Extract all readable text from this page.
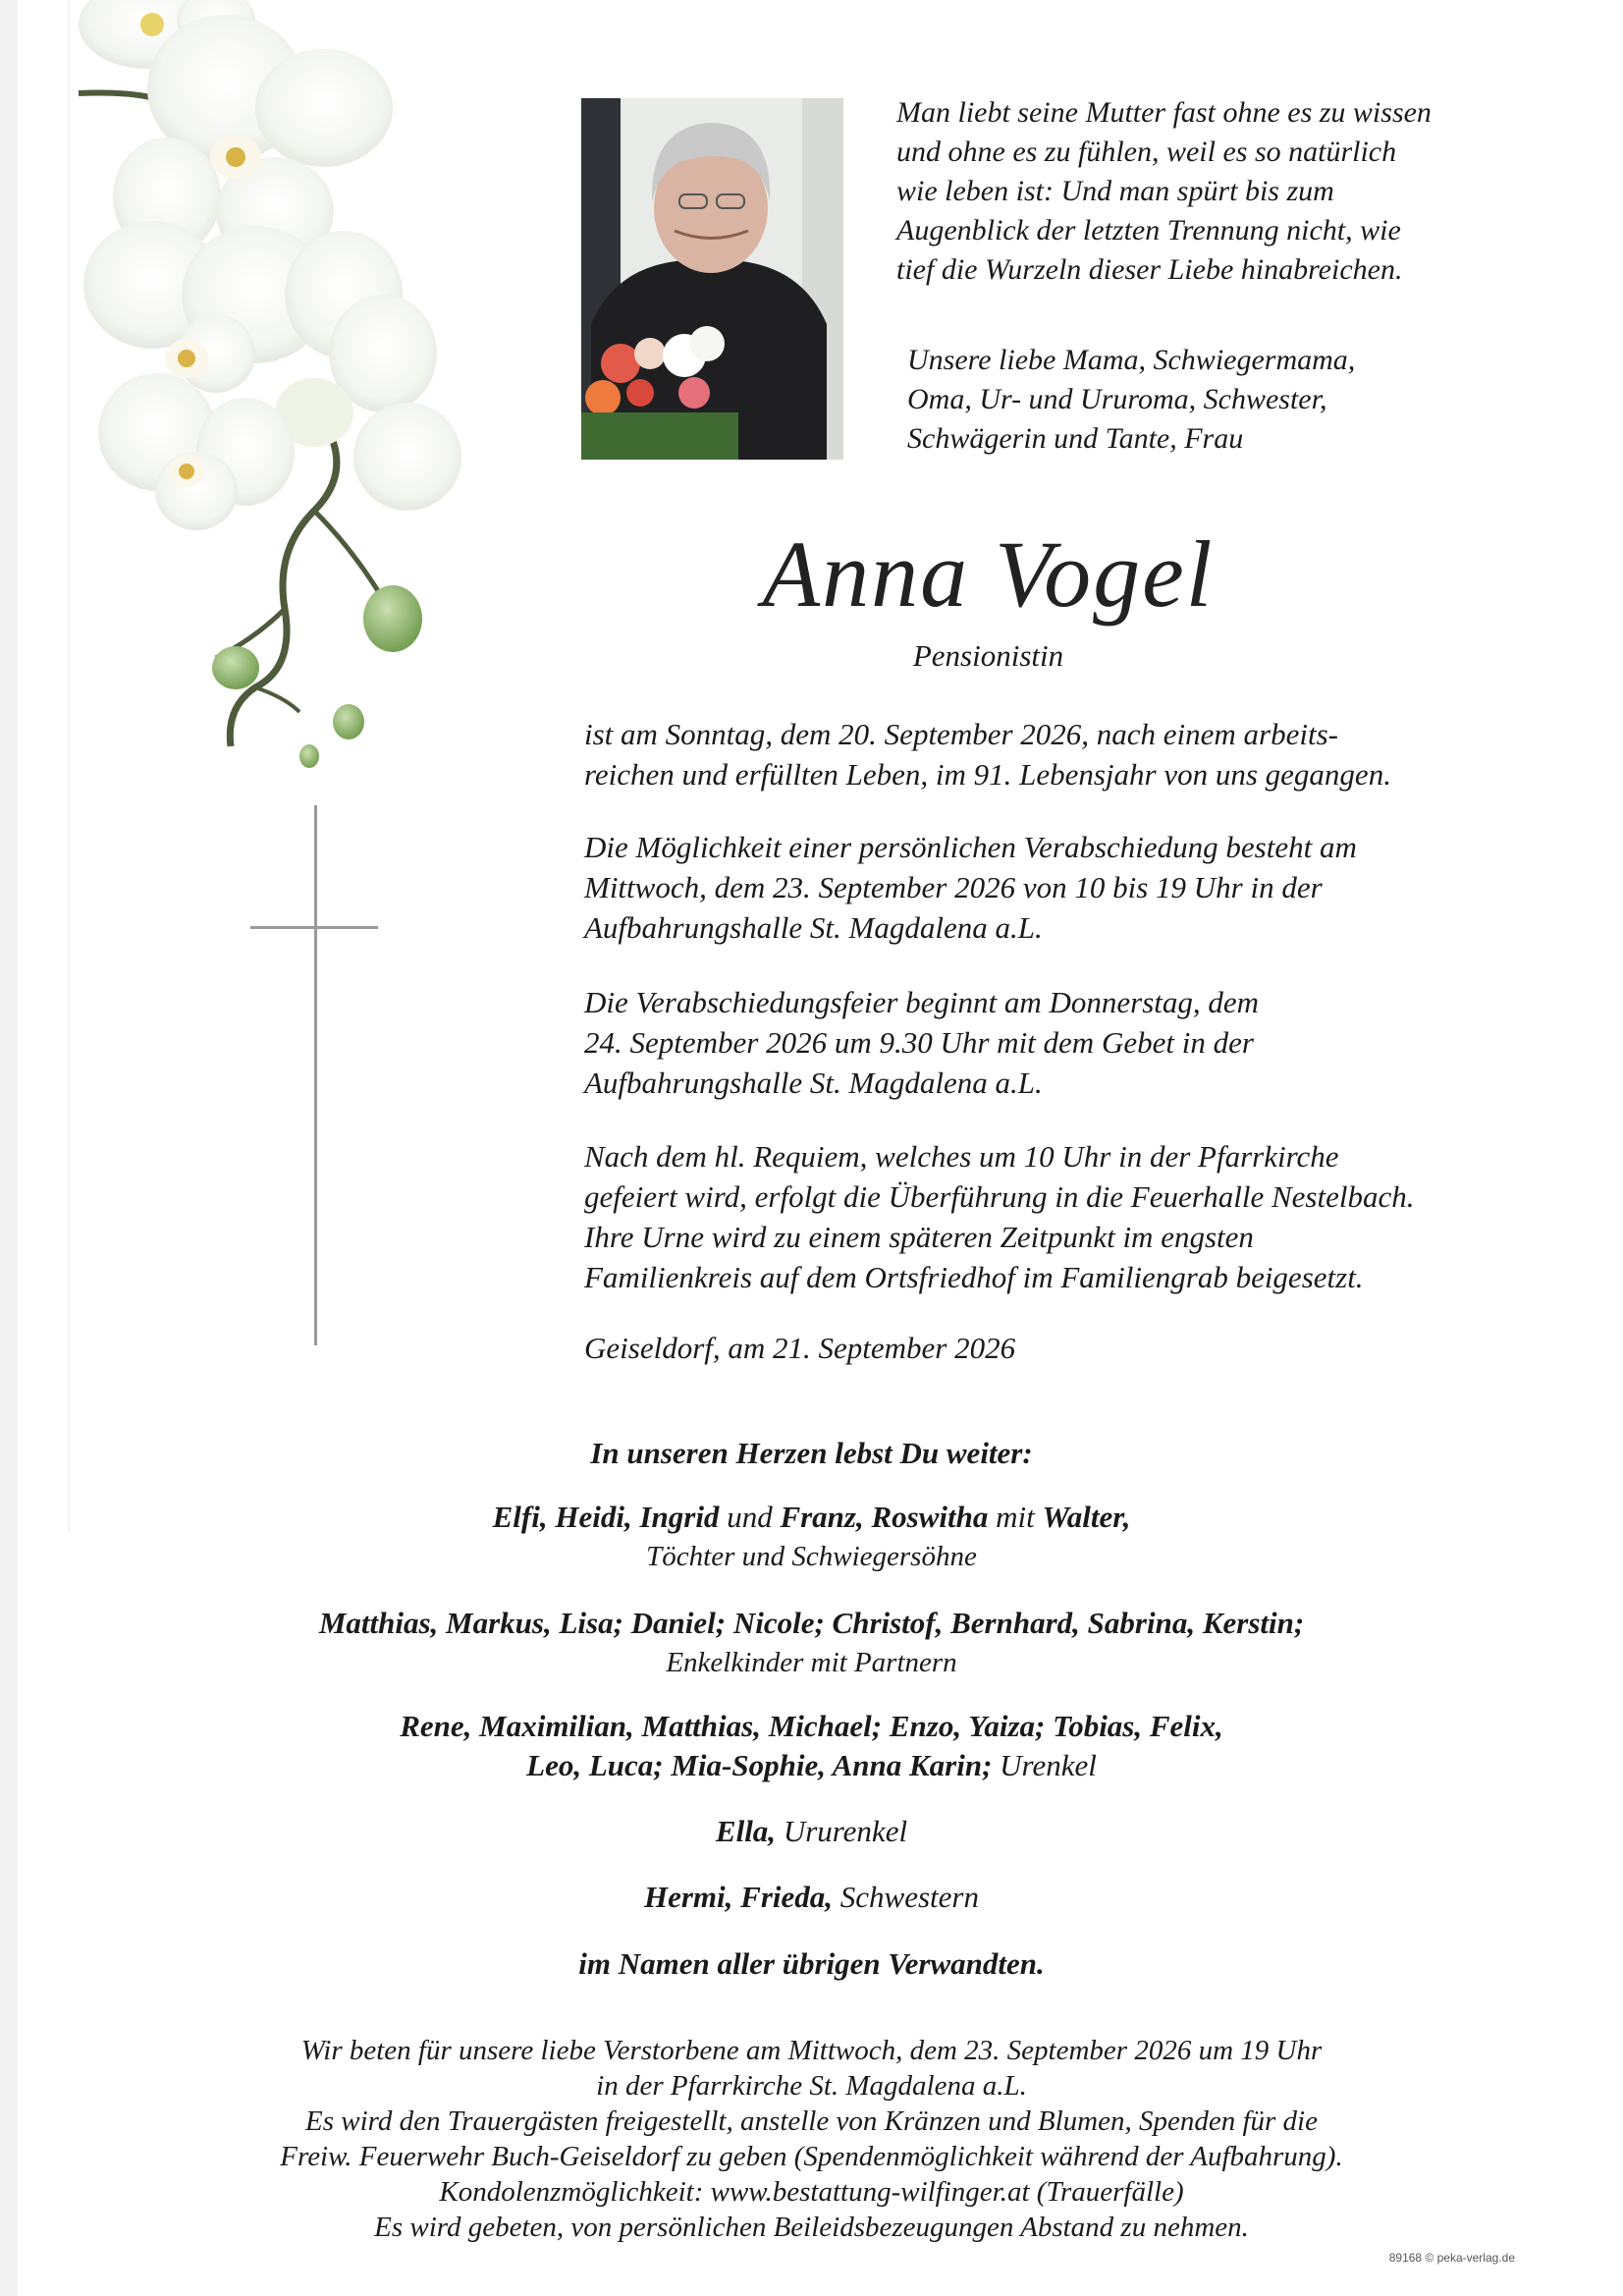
Man liebt seine Mutter fast ohne es zu wissen
und ohne es zu fühlen, weil es so natürlich
wie leben ist: Und man spürt bis zum
Augenblick der letzten Trennung nicht, wie
tief die Wurzeln dieser Liebe hinabreichen.
Unsere liebe Mama, Schwiegermama,
Oma, Ur- und Ururoma, Schwester,
Schwägerin und Tante, Frau
Anna Vogel
Pensionistin
ist am Sonntag, dem 20. September 2026, nach einem arbeits-
reichen und erfüllten Leben, im 91. Lebensjahr von uns gegangen.
Die Möglichkeit einer persönlichen Verabschiedung besteht am
Mittwoch, dem 23. September 2026 von 10 bis 19 Uhr in der
Aufbahrungshalle St. Magdalena a.L.
Die Verabschiedungsfeier beginnt am Donnerstag, dem
24. September 2026 um 9.30 Uhr mit dem Gebet in der
Aufbahrungshalle St. Magdalena a.L.
Nach dem hl. Requiem, welches um 10 Uhr in der Pfarrkirche
gefeiert wird, erfolgt die Überführung in die Feuerhalle Nestelbach.
Ihre Urne wird zu einem späteren Zeitpunkt im engsten
Familienkreis auf dem Ortsfriedhof im Familiengrab beigesetzt.
Geiseldorf, am 21. September 2026
In unseren Herzen lebst Du weiter:
Elfi, Heidi, Ingrid und Franz, Roswitha mit Walter,
Töchter und Schwiegersöhne
Matthias, Markus, Lisa; Daniel; Nicole; Christof, Bernhard, Sabrina, Kerstin;
Enkelkinder mit Partnern
Rene, Maximilian, Matthias, Michael; Enzo, Yaiza; Tobias, Felix,
Leo, Luca; Mia-Sophie, Anna Karin; Urenkel
Ella, Ururenkel
Hermi, Frieda, Schwestern
im Namen aller übrigen Verwandten.
Wir beten für unsere liebe Verstorbene am Mittwoch, dem 23. September 2026 um 19 Uhr
in der Pfarrkirche St. Magdalena a.L.
Es wird den Trauergästen freigestellt, anstelle von Kränzen und Blumen, Spenden für die
Freiw. Feuerwehr Buch-Geiseldorf zu geben (Spendenmöglichkeit während der Aufbahrung).
Kondolenzmöglichkeit: www.bestattung-wilfinger.at (Trauerfälle)
Es wird gebeten, von persönlichen Beileidsbezeugungen Abstand zu nehmen.
89168 © peka-verlag.de
